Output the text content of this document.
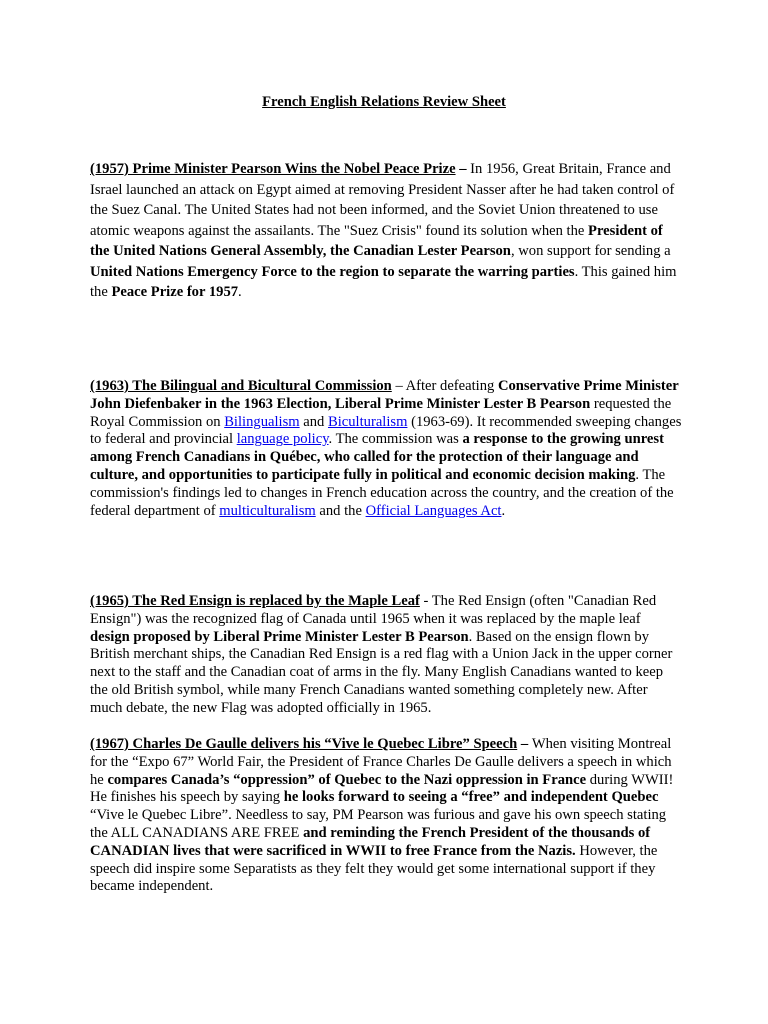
French English Relations Review Sheet

(1957) Prime Minister Pearson Wins the Nobel Peace Prize – In 1956, Great Britain, France and Israel launched an attack on Egypt aimed at removing President Nasser after he had taken control of the Suez Canal. The United States had not been informed, and the Soviet Union threatened to use atomic weapons against the assailants. The "Suez Crisis" found its solution when the President of the United Nations General Assembly, the Canadian Lester Pearson, won support for sending a United Nations Emergency Force to the region to separate the warring parties. This gained him the Peace Prize for 1957.

(1963) The Bilingual and Bicultural Commission – After defeating Conservative Prime Minister John Diefenbaker in the 1963 Election, Liberal Prime Minister Lester B Pearson requested the Royal Commission on Bilingualism and Biculturalism (1963-69). It recommended sweeping changes to federal and provincial language policy. The commission was a response to the growing unrest among French Canadians in Québec, who called for the protection of their language and culture, and opportunities to participate fully in political and economic decision making. The commission's findings led to changes in French education across the country, and the creation of the federal department of multiculturalism and the Official Languages Act.

(1965) The Red Ensign is replaced by the Maple Leaf - The Red Ensign (often "Canadian Red Ensign") was the recognized flag of Canada until 1965 when it was replaced by the maple leaf design proposed by Liberal Prime Minister Lester B Pearson. Based on the ensign flown by British merchant ships, the Canadian Red Ensign is a red flag with a Union Jack in the upper corner next to the staff and the Canadian coat of arms in the fly. Many English Canadians wanted to keep the old British symbol, while many French Canadians wanted something completely new. After much debate, the new Flag was adopted officially in 1965.

(1967) Charles De Gaulle delivers his “Vive le Quebec Libre” Speech – When visiting Montreal for the “Expo 67” World Fair, the President of France Charles De Gaulle delivers a speech in which he compares Canada’s “oppression” of Quebec to the Nazi oppression in France during WWII! He finishes his speech by saying he looks forward to seeing a “free” and independent Quebec “Vive le Quebec Libre”. Needless to say, PM Pearson was furious and gave his own speech stating the ALL CANADIANS ARE FREE and reminding the French President of the thousands of CANADIAN lives that were sacrificed in WWII to free France from the Nazis. However, the speech did inspire some Separatists as they felt they would get some international support if they became independent.
